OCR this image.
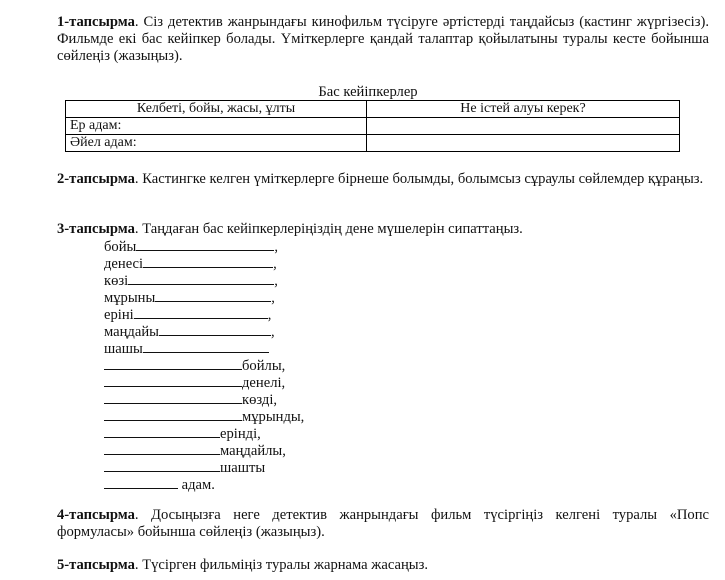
1-тапсырма. Сіз детектив жанрындағы кинофильм түсіруге әртістерді таңдайсыз (кастинг жүргізесіз). Фильмде екі бас кейіпкер болады. Үміткерлерге қандай талаптар қойылатыны туралы кесте бойынша сөйлеңіз (жазыңыз).

Бас кейіпкерлер
Келбеті, бойы, жасы, ұлты	Не істей алуы керек?
Ер адам:	
Әйел адам:	

2-тапсырма. Кастингке келген үміткерлерге бірнеше болымды, болымсыз сұраулы сөйлемдер құраңыз.

3-тапсырма. Таңдаған бас кейіпкерлеріңіздің дене мүшелерін сипаттаңыз.

бойы	,
денесі	,
көзі	,
мұрыны	,
ерінi	,
маңдайы	,
шашы
бойлы,
денелі,
көзді,
мұрынды,
ерінді,
маңдайлы,
шашты
адам.

4-тапсырма. Досыңызға неге детектив жанрындағы фильм түсіргіңіз келгені туралы «Попс формуласы» бойынша сөйлеңіз (жазыңыз).

5-тапсырма. Түсірген фильміңіз туралы жарнама жасаңыз.
